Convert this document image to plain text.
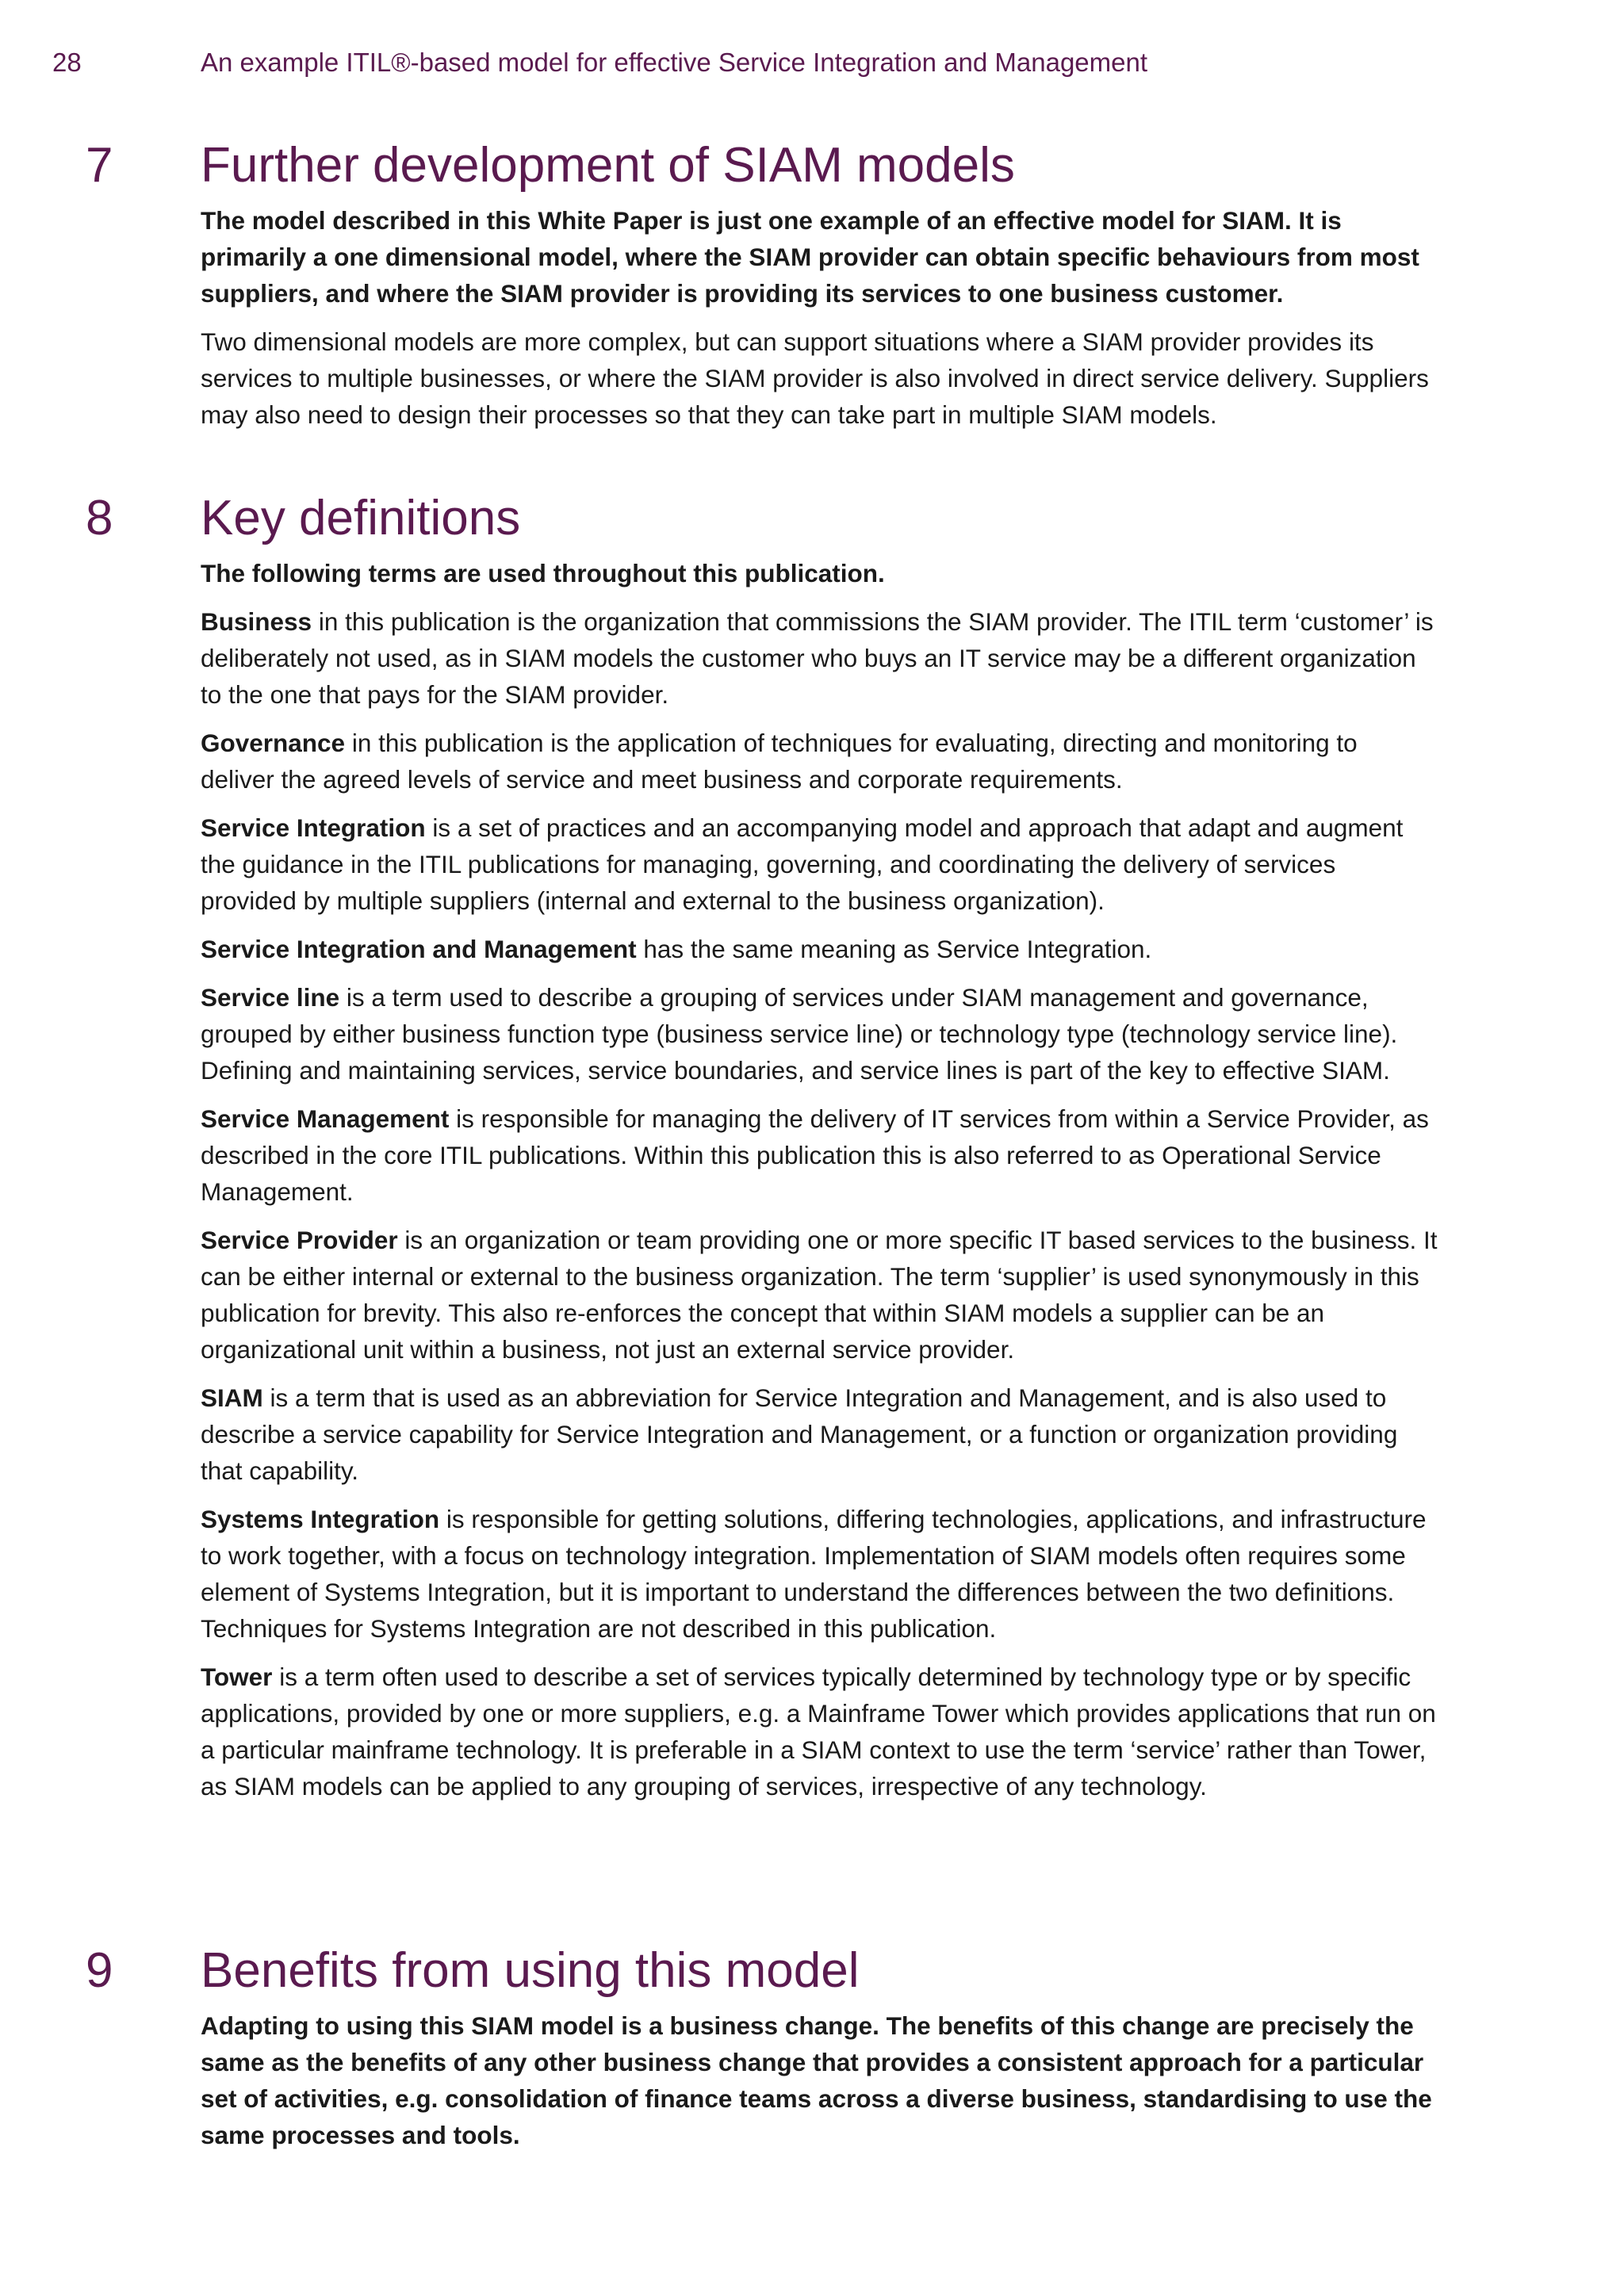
28	An example ITIL®-based model for effective Service Integration and Management
7 Further development of SIAM models

The model described in this White Paper is just one example of an effective model for SIAM. It is primarily a one dimensional model, where the SIAM provider can obtain specific behaviours from most suppliers, and where the SIAM provider is providing its services to one business customer.

Two dimensional models are more complex, but can support situations where a SIAM provider provides its services to multiple businesses, or where the SIAM provider is also involved in direct service delivery. Suppliers may also need to design their processes so that they can take part in multiple SIAM models.

8 Key definitions

The following terms are used throughout this publication.

Business in this publication is the organization that commissions the SIAM provider. The ITIL term ‘customer’ is deliberately not used, as in SIAM models the customer who buys an IT service may be a different organization to the one that pays for the SIAM provider.

Governance in this publication is the application of techniques for evaluating, directing and monitoring to deliver the agreed levels of service and meet business and corporate requirements.

Service Integration is a set of practices and an accompanying model and approach that adapt and augment the guidance in the ITIL publications for managing, governing, and coordinating the delivery of services provided by multiple suppliers (internal and external to the business organization).

Service Integration and Management has the same meaning as Service Integration.

Service line is a term used to describe a grouping of services under SIAM management and governance, grouped by either business function type (business service line) or technology type (technology service line). Defining and maintaining services, service boundaries, and service lines is part of the key to effective SIAM.

Service Management is responsible for managing the delivery of IT services from within a Service Provider, as described in the core ITIL publications. Within this publication this is also referred to as Operational Service Management.

Service Provider is an organization or team providing one or more specific IT based services to the business. It can be either internal or external to the business organization. The term ‘supplier’ is used synonymously in this publication for brevity. This also re-enforces the concept that within SIAM models a supplier can be an organizational unit within a business, not just an external service provider.

SIAM is a term that is used as an abbreviation for Service Integration and Management, and is also used to describe a service capability for Service Integration and Management, or a function or organization providing that capability.

Systems Integration is responsible for getting solutions, differing technologies, applications, and infrastructure to work together, with a focus on technology integration. Implementation of SIAM models often requires some element of Systems Integration, but it is important to understand the differences between the two definitions. Techniques for Systems Integration are not described in this publication.

Tower is a term often used to describe a set of services typically determined by technology type or by specific applications, provided by one or more suppliers, e.g. a Mainframe Tower which provides applications that run on a particular mainframe technology. It is preferable in a SIAM context to use the term ‘service’ rather than Tower, as SIAM models can be applied to any grouping of services, irrespective of any technology.

9 Benefits from using this model

Adapting to using this SIAM model is a business change. The benefits of this change are precisely the same as the benefits of any other business change that provides a consistent approach for a particular set of activities, e.g. consolidation of finance teams across a diverse business, standardising to use the same processes and tools.
